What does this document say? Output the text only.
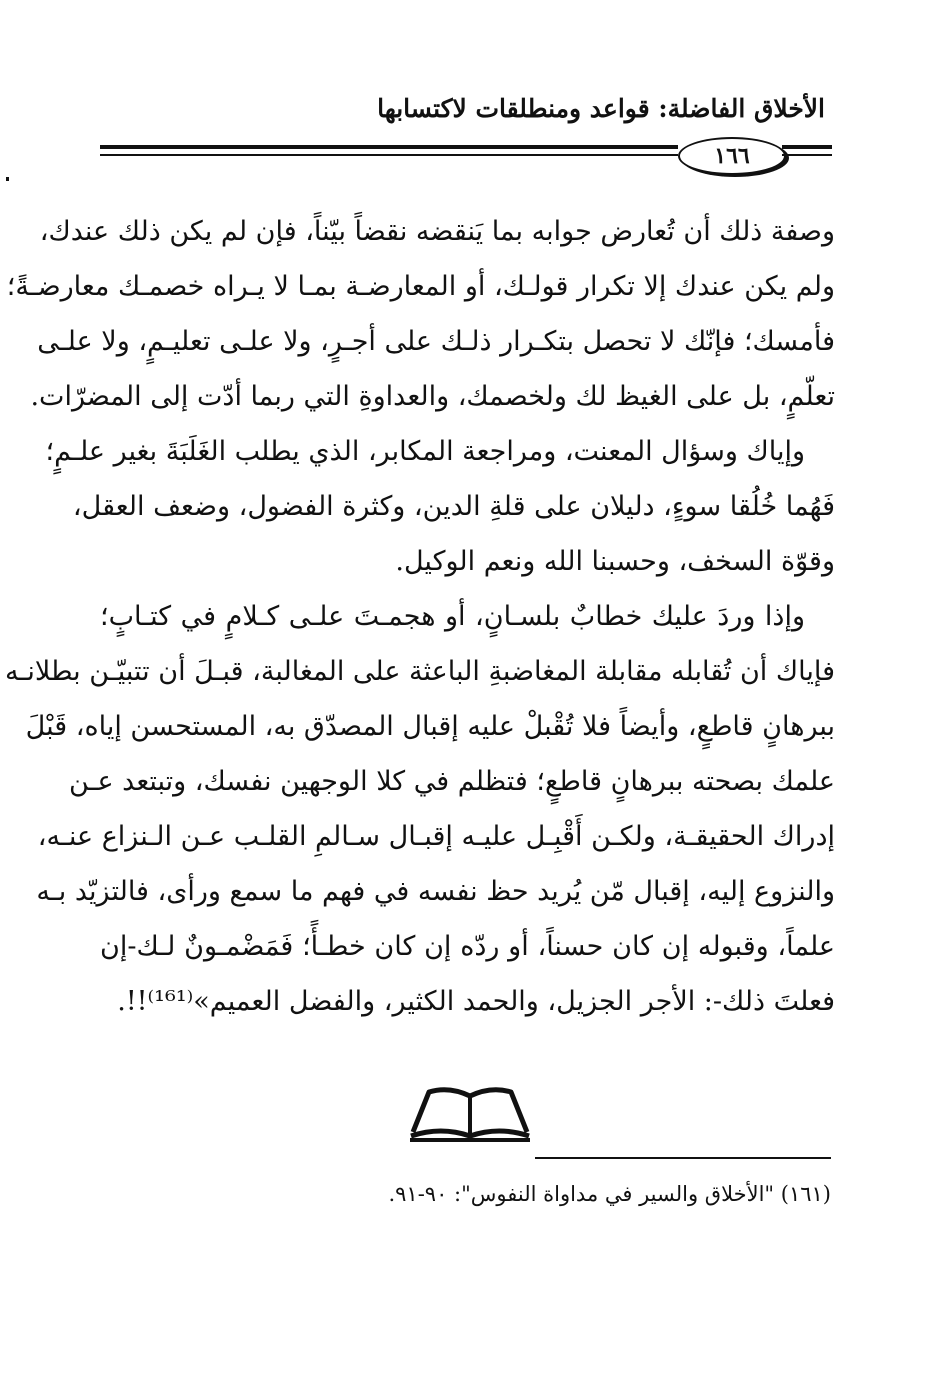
الأخلاق الفاضلة: قواعد ومنطلقات لاكتسابها
١٦٦
وصفة ذلك أن تُعارض جوابه بما يَنقضه نقضاً بيّناً، فإن لم يكن ذلك عندك،
ولم يكن عندك إلا تكرار قولـك، أو المعارضـة بمـا لا يـراه خصمـك معارضـةً؛
فأمسك؛ فإنّك لا تحصل بتكـرار ذلـك على أجـرٍ، ولا علـى تعليـمٍ، ولا علـى
تعلّمٍ، بل على الغيظ لك ولخصمك، والعداوةِ التي ربما أدّت إلى المضرّات.
وإياك وسؤال المعنت، ومراجعة المكابر، الذي يطلب الغَلَبَةَ بغير علـمٍ؛
فَهُما خُلُقا سوءٍ، دليلان على قلةِ الدين، وكثرة الفضول، وضعف العقل،
وقوّة السخف، وحسبنا الله ونعم الوكيل.
وإذا وردَ عليك خطابٌ بلسـانٍ، أو هجمـتَ علـى كـلامٍ في كتـابٍ؛
فإياك أن تُقابله مقابلة المغاضبةِ الباعثة على المغالبة، قبـلَ أن تتبيّـن بطلانـه
ببرهانٍ قاطعٍ، وأيضاً فلا تُقْبلْ عليه إقبال المصدّق به، المستحسن إياه، قَبْلَ
علمك بصحته ببرهانٍ قاطعٍ؛ فتظلم في كلا الوجهين نفسك، وتبتعد عـن
إدراك الحقيقـة، ولكـن أَقْبِـل عليـه إقبـال سـالمِ القلـب عـن الـنزاع عنـه،
والنزوع إليه، إقبال مّن يُريد حظ نفسه في فهم ما سمع ورأى، فالتزيّد بـه
علماً، وقبوله إن كان حسناً، أو ردّه إن كان خطـأً؛ فَمَضْمـونٌ لـك-إن
فعلتَ ذلك-: الأجر الجزيل، والحمد الكثير، والفضل العميم»⁽¹⁶¹⁾!!.
(١٦١) "الأخلاق والسير في مداواة النفوس": ٩٠-٩١.
